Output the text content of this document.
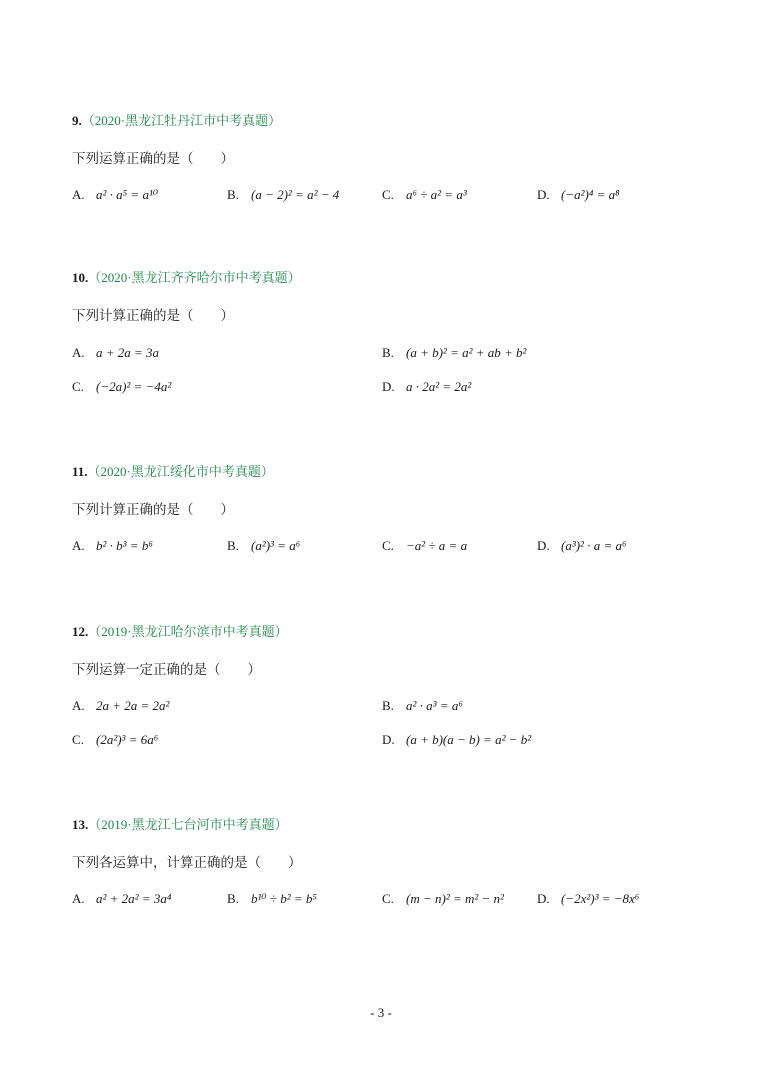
9.（2020·黑龙江牡丹江市中考真题）
下列运算正确的是（　　）
A. a² · a⁵ = a¹⁰	B. (a − 2)² = a² − 4	C. a⁶ ÷ a² = a³	D. (−a²)⁴ = a⁸
10.（2020·黑龙江齐齐哈尔市中考真题）
下列计算正确的是（　　）
A. a + 2a = 3a	B. (a + b)² = a² + ab + b²
C. (−2a)² = −4a²	D. a · 2a² = 2a²
11.（2020·黑龙江绥化市中考真题）
下列计算正确的是（　　）
A. b² · b³ = b⁶	B. (a²)³ = a⁶	C. −a² ÷ a = a	D. (a³)² · a = a⁶
12.（2019·黑龙江哈尔滨市中考真题）
下列运算一定正确的是（　　）
A. 2a + 2a = 2a²	B. a² · a³ = a⁶
C. (2a²)³ = 6a⁶	D. (a + b)(a − b) = a² − b²
13.（2019·黑龙江七台河市中考真题）
下列各运算中，计算正确的是（　　）
A. a² + 2a² = 3a⁴	B. b¹⁰ ÷ b² = b⁵	C. (m − n)² = m² − n²	D. (−2x²)³ = −8x⁶
- 3 -
